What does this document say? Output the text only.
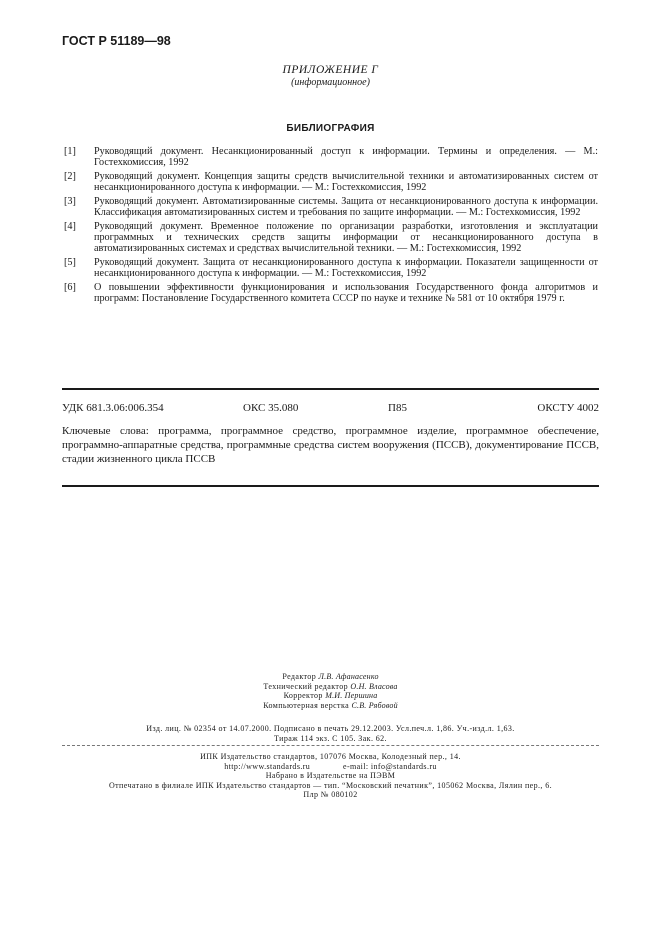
ГОСТ Р 51189—98
ПРИЛОЖЕНИЕ Г
(информационное)
БИБЛИОГРАФИЯ
[1] Руководящий документ. Несанкционированный доступ к информации. Термины и определения. — М.: Гостехкомиссия, 1992
[2] Руководящий документ. Концепция защиты средств вычислительной техники и автоматизированных систем от несанкционированного доступа к информации. — М.: Гостехкомиссия, 1992
[3] Руководящий документ. Автоматизированные системы. Защита от несанкционированного доступа к информации. Классификация автоматизированных систем и требования по защите информации. — М.: Гостехкомиссия, 1992
[4] Руководящий документ. Временное положение по организации разработки, изготовления и эксплуатации программных и технических средств защиты информации от несанкционированного доступа в автоматизированных системах и средствах вычислительной техники. — М.: Гостехкомиссия, 1992
[5] Руководящий документ. Защита от несанкционированного доступа к информации. Показатели защищенности от несанкционированного доступа к информации. — М.: Гостехкомиссия, 1992
[6] О повышении эффективности функционирования и использования Государственного фонда алгоритмов и программ: Постановление Государственного комитета СССР по науке и технике № 581 от 10 октября 1979 г.
УДК 681.3.06:006.354	ОКС 35.080	П85	ОКСТУ 4002
Ключевые слова: программа, программное средство, программное изделие, программное обеспечение, программно-аппаратные средства, программные средства систем вооружения (ПССВ), документирование ПССВ, стадии жизненного цикла ПССВ
Редактор Л.В. Афанасенко
Технический редактор О.Н. Власова
Корректор М.И. Першина
Компьютерная верстка С.В. Рябовой
Изд. лиц. № 02354 от 14.07.2000. Подписано в печать 29.12.2003. Усл.печ.л. 1,86. Уч.-изд.л. 1,63.
Тираж 114 экз. С 105. Зак. 62.
ИПК Издательство стандартов, 107076 Москва, Колодезный пер., 14.
http://www.standards.ru	e-mail: info@standards.ru
Набрано в Издательстве на ПЭВМ
Отпечатано в филиале ИПК Издательство стандартов — тип. “Московский печатник”, 105062 Москва, Лялин пер., 6.
Плр № 080102
